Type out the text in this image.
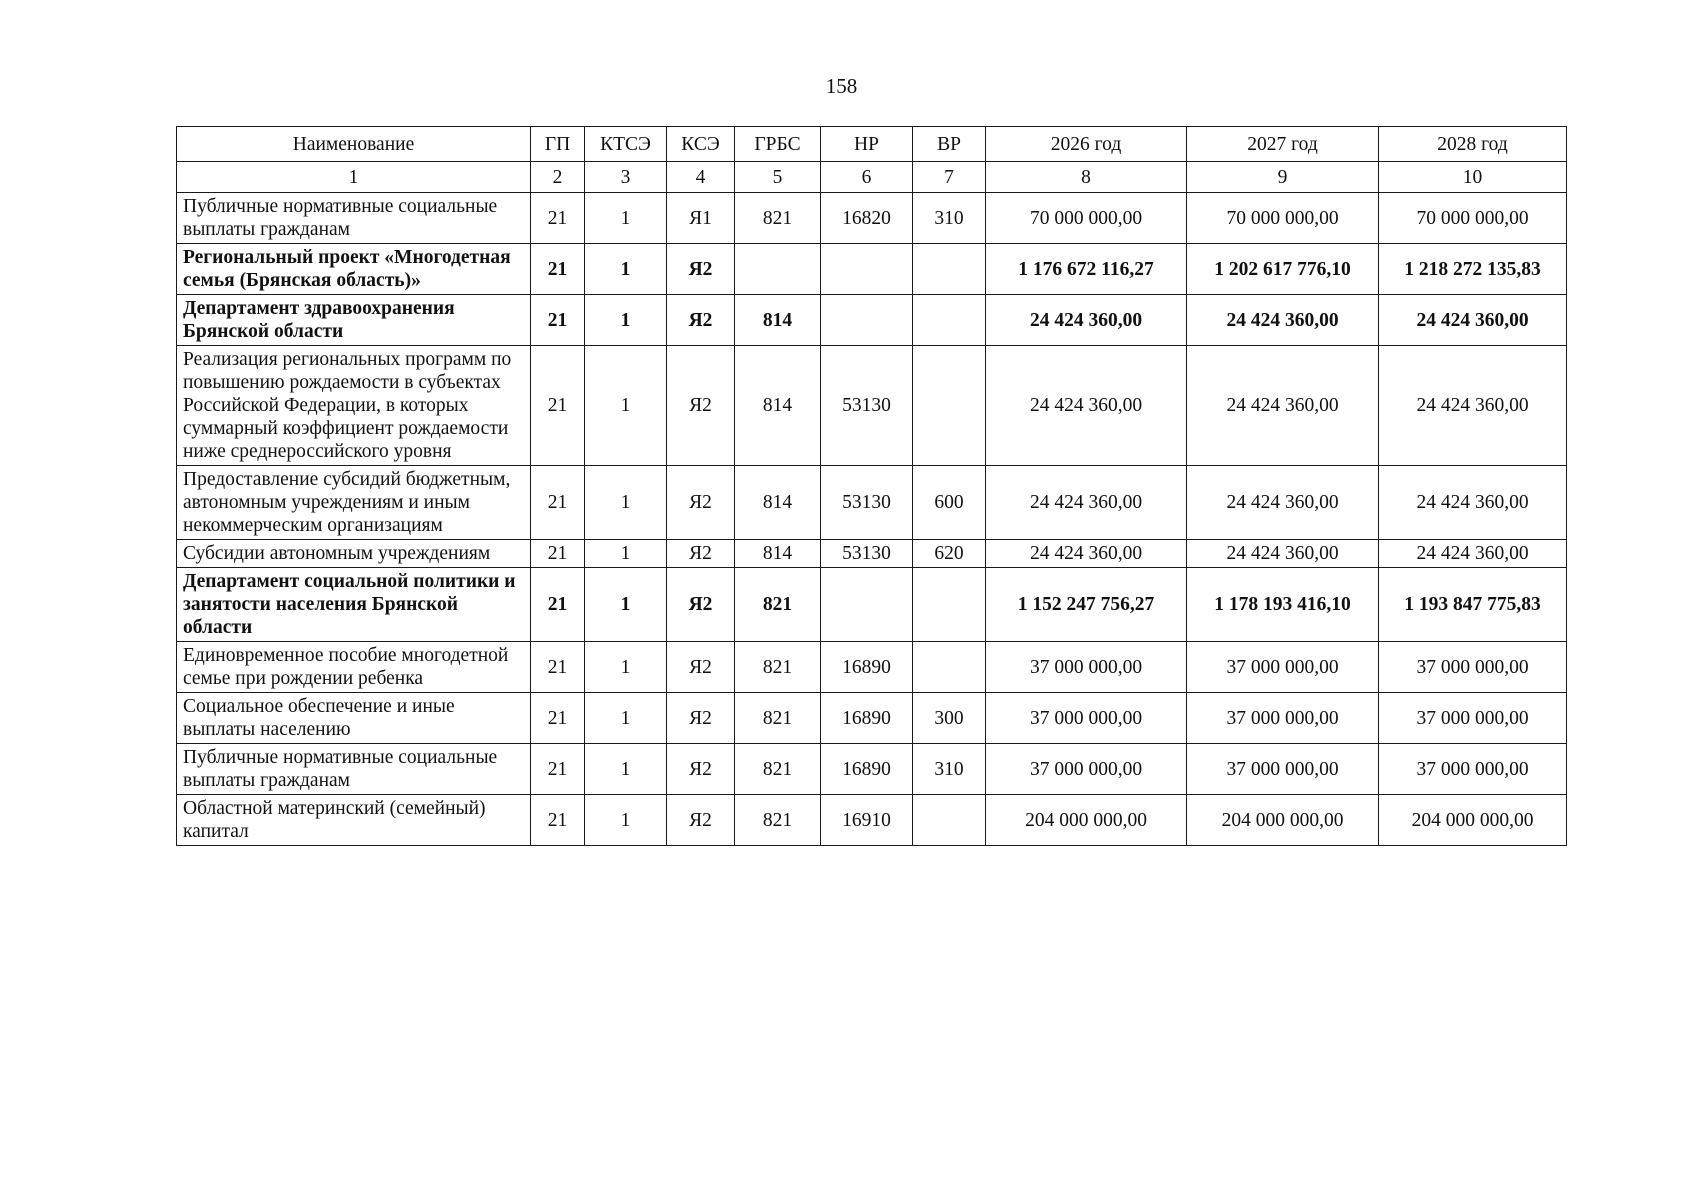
158
Наименование	ГП	КТСЭ	КСЭ	ГРБС	НР	ВР	2026 год	2027 год	2028 год
1	2	3	4	5	6	7	8	9	10
Публичные нормативные социальные выплаты гражданам	21	1	Я1	821	16820	310	70 000 000,00	70 000 000,00	70 000 000,00
Региональный проект «Многодетная семья (Брянская область)»	21	1	Я2				1 176 672 116,27	1 202 617 776,10	1 218 272 135,83
Департамент здравоохранения Брянской области	21	1	Я2	814			24 424 360,00	24 424 360,00	24 424 360,00
Реализация региональных программ по повышению рождаемости в субъектах Российской Федерации, в которых суммарный коэффициент рождаемости ниже среднероссийского уровня	21	1	Я2	814	53130		24 424 360,00	24 424 360,00	24 424 360,00
Предоставление субсидий бюджетным, автономным учреждениям и иным некоммерческим организациям	21	1	Я2	814	53130	600	24 424 360,00	24 424 360,00	24 424 360,00
Субсидии автономным учреждениям	21	1	Я2	814	53130	620	24 424 360,00	24 424 360,00	24 424 360,00
Департамент социальной политики и занятости населения Брянской области	21	1	Я2	821			1 152 247 756,27	1 178 193 416,10	1 193 847 775,83
Единовременное пособие многодетной семье при рождении ребенка	21	1	Я2	821	16890		37 000 000,00	37 000 000,00	37 000 000,00
Социальное обеспечение и иные выплаты населению	21	1	Я2	821	16890	300	37 000 000,00	37 000 000,00	37 000 000,00
Публичные нормативные социальные выплаты гражданам	21	1	Я2	821	16890	310	37 000 000,00	37 000 000,00	37 000 000,00
Областной материнский (семейный) капитал	21	1	Я2	821	16910		204 000 000,00	204 000 000,00	204 000 000,00
